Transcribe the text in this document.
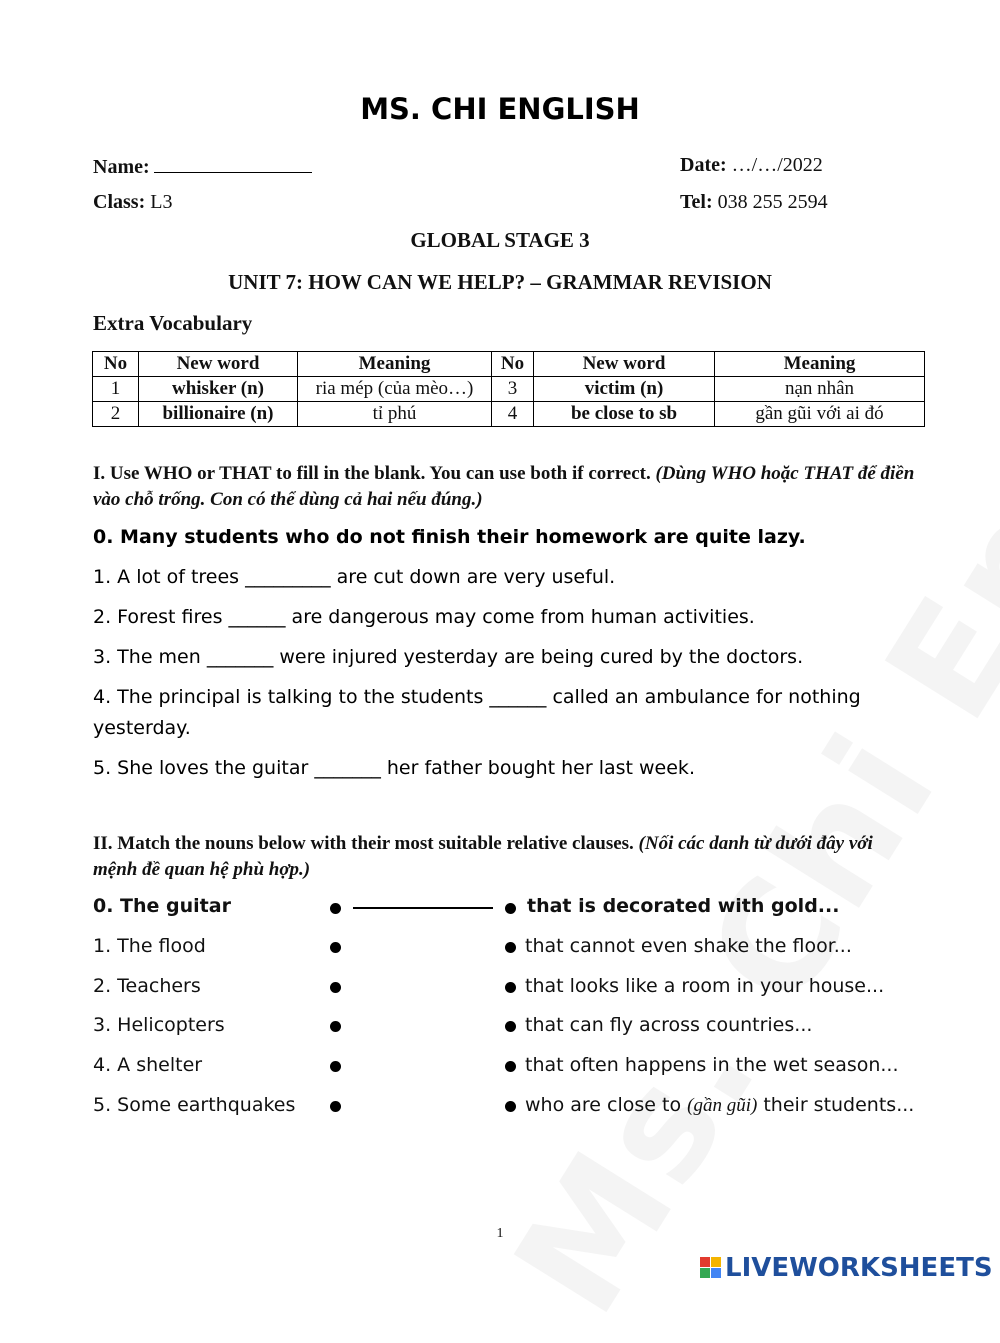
MS. CHI ENGLISH
Name:	Date: …/…/2022
Class: L3	Tel: 038 255 2594
GLOBAL STAGE 3
UNIT 7: HOW CAN WE HELP? – GRAMMAR REVISION
Extra Vocabulary
No	New word	Meaning	No	New word	Meaning
1	whisker (n)	ria mép (của mèo…)	3	victim (n)	nạn nhân
2	billionaire (n)	tỉ phú	4	be close to sb	gần gũi với ai đó
I. Use WHO or THAT to fill in the blank. You can use both if correct. (Dùng WHO hoặc THAT để điền vào chỗ trống. Con có thể dùng cả hai nếu đúng.)
0. Many students who do not finish their homework are quite lazy.
1. A lot of trees _________ are cut down are very useful.
2. Forest fires ______ are dangerous may come from human activities.
3. The men _______ were injured yesterday are being cured by the doctors.
4. The principal is talking to the students ______ called an ambulance for nothing yesterday.
5. She loves the guitar _______ her father bought her last week.
II. Match the nouns below with their most suitable relative clauses. (Nối các danh từ dưới đây với mệnh đề quan hệ phù hợp.)
0. The guitar	that is decorated with gold...
1. The flood	that cannot even shake the floor...
2. Teachers	that looks like a room in your house...
3. Helicopters	that can fly across countries...
4. A shelter	that often happens in the wet season...
5. Some earthquakes	who are close to (gần gũi) their students...
1
LIVEWORKSHEETS
